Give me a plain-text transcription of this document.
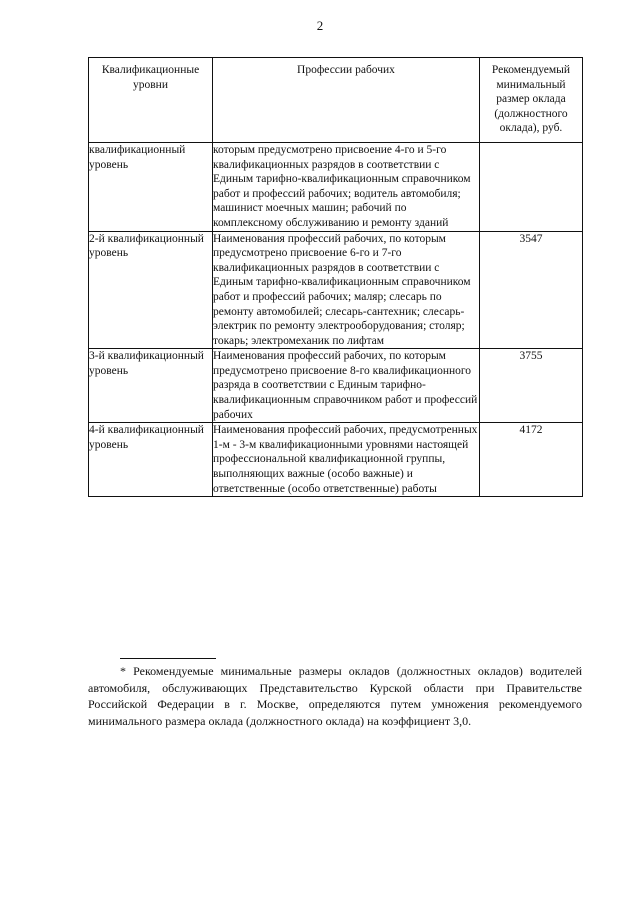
2
Квалификационные уровни	Профессии рабочих	Рекомендуемый минимальный размер оклада (должностного оклада), руб.
квалификационный уровень	которым предусмотрено присвоение 4-го и 5-го квалификационных разрядов в соответствии с Единым тарифно-квалификационным справочником работ и профессий рабочих; водитель автомобиля; машинист моечных машин; рабочий по комплексному обслуживанию и ремонту зданий	
2-й квалификационный уровень	Наименования профессий рабочих, по которым предусмотрено присвоение 6-го и 7-го квалификационных разрядов в соответствии с Единым тарифно-квалификационным справочником работ и профессий рабочих; маляр; слесарь по ремонту автомобилей; слесарь-сантехник; слесарь-электрик по ремонту электрооборудования; столяр; токарь; электромеханик по лифтам	3547
3-й квалификационный уровень	Наименования профессий рабочих, по которым предусмотрено присвоение 8-го квалификационного разряда в соответствии с Единым тарифно-квалификационным справочником работ и профессий рабочих	3755
4-й квалификационный уровень	Наименования профессий рабочих, предусмотренных 1-м - 3-м квалификационными уровнями настоящей профессиональной квалификационной группы, выполняющих важные (особо важные) и ответственные (особо ответственные) работы	4172
* Рекомендуемые минимальные размеры окладов (должностных окладов) водителей автомобиля, обслуживающих Представительство Курской области при Правительстве Российской Федерации в г. Москве, определяются путем умножения рекомендуемого минимального размера оклада (должностного оклада) на коэффициент 3,0.
